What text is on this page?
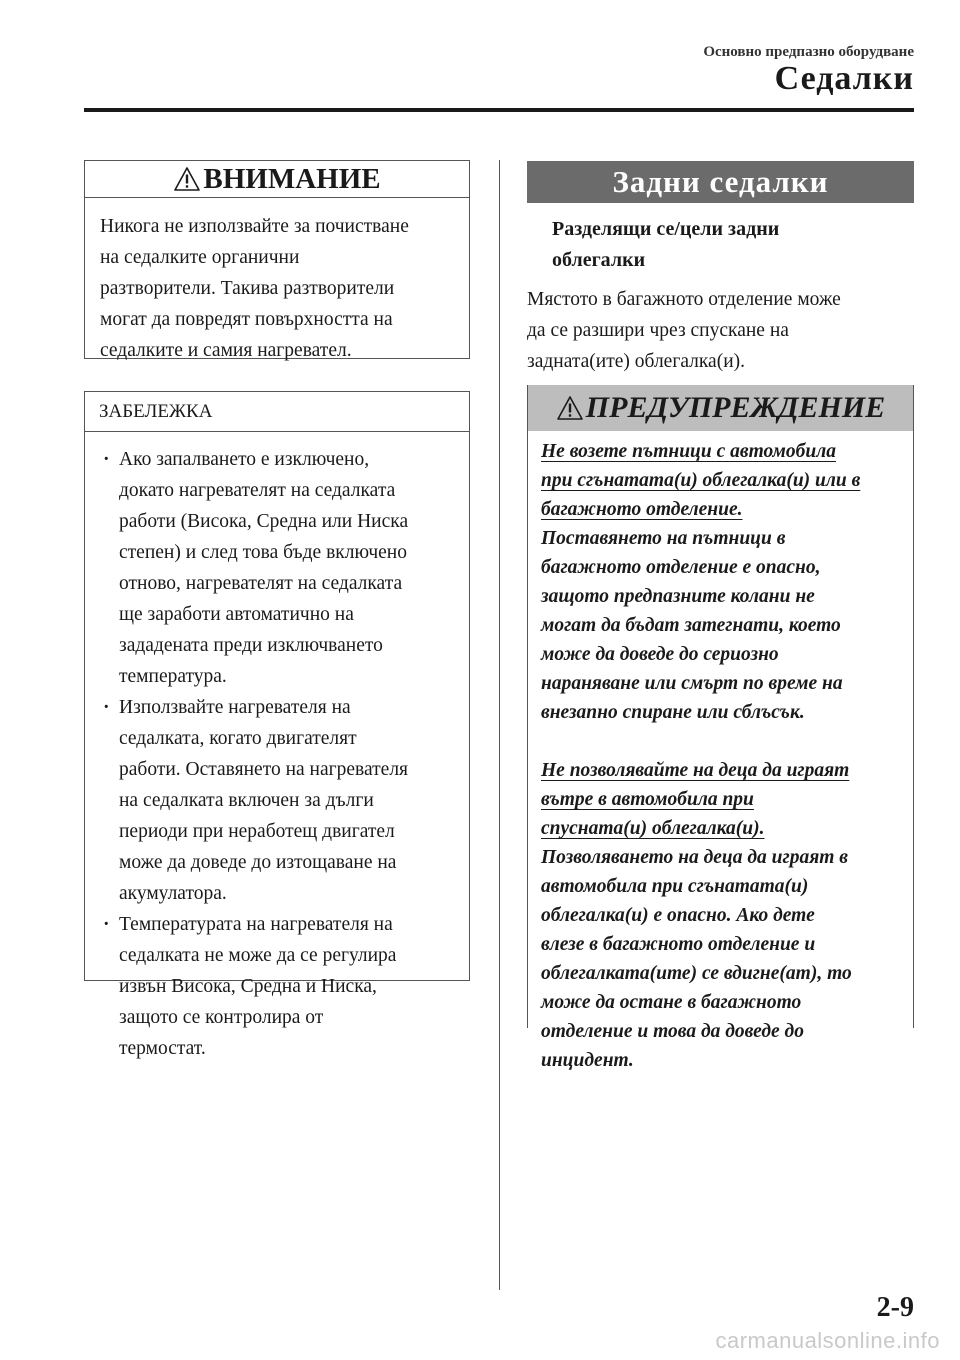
Основно предпазно оборудване
Седалки
ВНИМАНИЕ
Никога не използвайте за почистване
на седалките органични
разтворители. Такива разтворители
могат да повредят повърхността на
седалките и самия нагревател.
ЗАБЕЛЕЖКА
· Ако запалването е изключено,
докато нагревателят на седалката
работи (Висока, Средна или Ниска
степен) и след това бъде включено
отново, нагревателят на седалката
ще заработи автоматично на
зададената преди изключването
температура.
· Използвайте нагревателя на
седалката, когато двигателят
работи. Оставянето на нагревателя
на седалката включен за дълги
периоди при неработещ двигател
може да доведе до изтощаване на
акумулатора.
· Температурата на нагревателя на
седалката не може да се регулира
извън Висока, Средна и Ниска,
защото се контролира от
термостат.
Задни седалки
Разделящи се/цели задни
облегалки
Мястото в багажното отделение може
да се разшири чрез спускане на
задната(ите) облегалка(и).
ПРЕДУПРЕЖДЕНИЕ

Не возете пътници с автомобила

при сгънатата(и) облегалка(и) или в

багажното отделение.

Поставянето на пътници в

багажното отделение е опасно,

защото предпазните колани не

могат да бъдат затегнати, което

може да доведе до сериозно

нараняване или смърт по време на

внезапно спиране или сблъсък.

Не позволявайте на деца да играят

вътре в автомобила при

спусната(и) облегалка(и).

Позволяването на деца да играят в

автомобила при сгънатата(и)

облегалка(и) е опасно. Ако дете

влезе в багажното отделение и

облегалката(ите) се вдигне(ат), то

може да остане в багажното

отделение и това да доведе до

инцидент.

2-9
carmanualsonline.info
